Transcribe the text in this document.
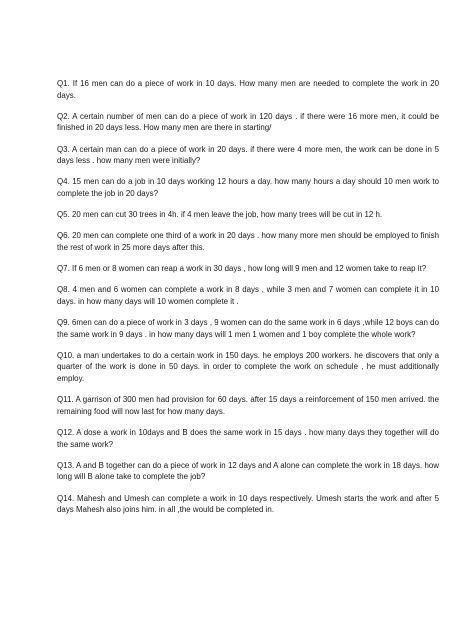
Q1. If 16 men can do a piece of work in 10 days. How many men are needed to complete the work in 20 days.
Q2. A certain number of men can do a piece of work in 120 days . if there were 16 more men, it could be finished in 20 days less. How many men are there in starting/
Q3. A certain man can do a piece of work in 20 days. if there were 4 more men, the work can be done in 5 days less . how many men were initially?
Q4. 15 men can do a job in 10 days working 12 hours a day. how many hours a day should 10 men work to complete the job in 20 days?
Q5. 20 men can cut 30 trees in 4h. if 4 men leave the job, how many trees will be cut in 12 h.
Q6. 20 men can complete one third of a work in 20 days . how many more men should be employed to finish the rest of work in 25 more days after this.
Q7. If 6 men or 8 women can reap a work in 30 days , how long will 9 men and 12 women take to reap it?
Q8. 4 men and 6 women can complete a work in 8 days , while 3 men and 7 women can complete it in 10 days. in how many days will 10 women complete it .
Q9. 6men can do a piece of work in 3 days , 9 women can do the same work in 6 days ,while 12 boys can do the same work in 9 days . in how many days will 1 men 1 women and 1 boy complete the whole work?
Q10. a man undertakes to do a certain work in 150 days. he employs 200 workers. he discovers that only a quarter of the work is done in 50 days. in order to complete the work on schedule , he must additionally employ.
Q11. A garrison of 300 men had provision for 60 days. after 15 days a reinforcement of 150 men arrived. the remaining food will now last for how many days.
Q12. A dose a work in 10days and B does the same work in 15 days . how many days they together will do the same work?
Q13. A and B together can do a piece of work in 12 days and A alone can complete the work in 18 days. how long will B alone take to complete the job?
Q14. Mahesh and Umesh can complete a work in 10 days respectively. Umesh starts the work and after 5 days Mahesh also joins him. in all ,the would be completed in.
